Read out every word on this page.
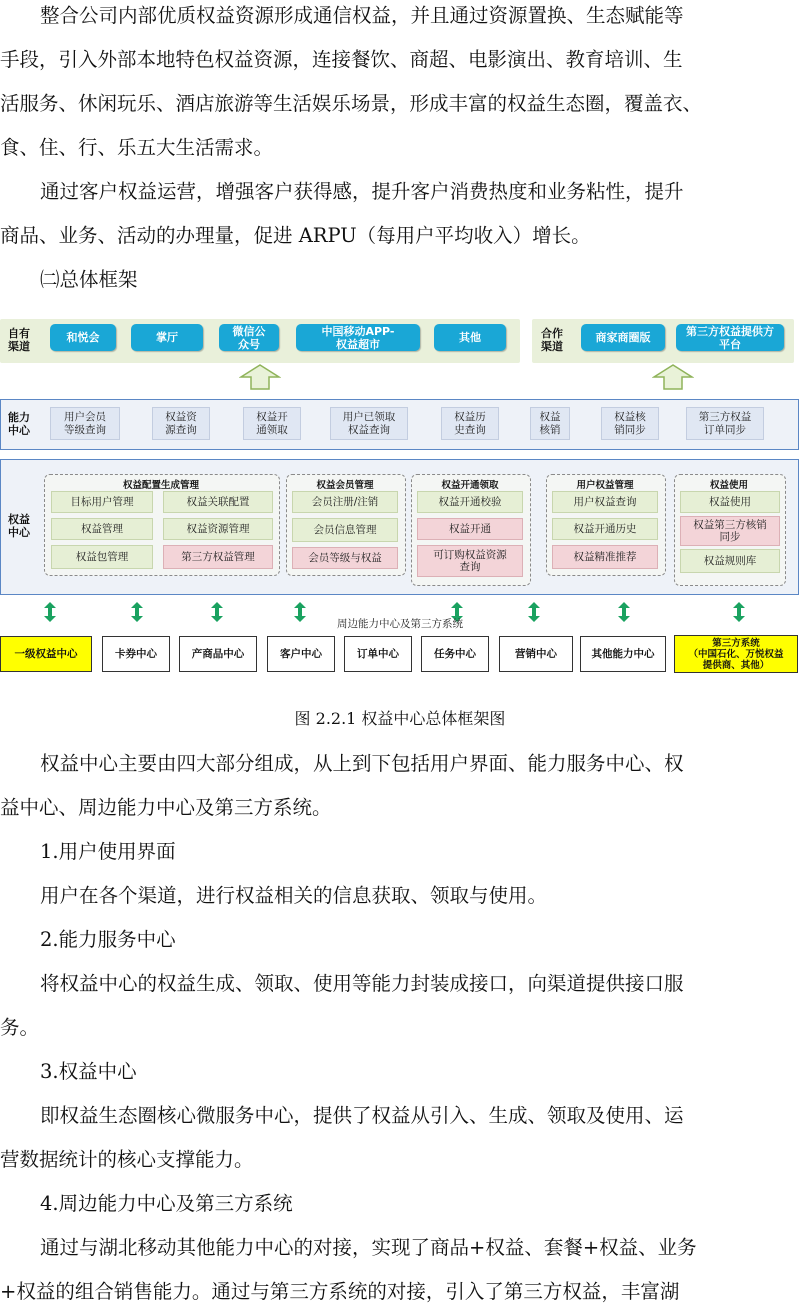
整合公司内部优质权益资源形成通信权益，并且通过资源置换、生态赋能等
手段，引入外部本地特色权益资源，连接餐饮、商超、电影演出、教育培训、生
活服务、休闲玩乐、酒店旅游等生活娱乐场景，形成丰富的权益生态圈，覆盖衣、
食、住、行、乐五大生活需求。
通过客户权益运营，增强客户获得感，提升客户消费热度和业务粘性，提升
商品、业务、活动的办理量，促进 ARPU（每用户平均收入）增长。
㈡总体框架
自有
渠道
和悦会	掌厅	微信公
众号
中国移动APP-
权益超市	其他	合作
渠道
商家商圈版	第三方权益提供方
平台
能力
中心
用户会员
等级查询
权益资
源查询
权益开
通领取
用户已领取
权益查询
权益历
史查询
权益
核销
权益核
销同步
第三方权益
订单同步
权益
中心
权益配置生成管理
目标用户管理	权益关联配置
权益管理	权益资源管理
权益包管理	第三方权益管理
权益会员管理
会员注册/注销
会员信息管理
会员等级与权益
权益开通领取
权益开通校验
权益开通
可订购权益资源
查询
用户权益管理
用户权益查询
权益开通历史
权益精准推荐
权益使用
权益使用
权益第三方核销
同步
权益规则库
周边能力中心及第三方系统
一级权益中心	卡券中心	产商品中心	客户中心	订单中心	任务中心	营销中心	其他能力中心
第三方系统
（中国石化、万悦权益
提供商、其他）
图 2.2.1 权益中心总体框架图
权益中心主要由四大部分组成，从上到下包括用户界面、能力服务中心、权
益中心、周边能力中心及第三方系统。
1.用户使用界面
用户在各个渠道，进行权益相关的信息获取、领取与使用。
2.能力服务中心
将权益中心的权益生成、领取、使用等能力封装成接口，向渠道提供接口服
务。
3.权益中心
即权益生态圈核心微服务中心，提供了权益从引入、生成、领取及使用、运
营数据统计的核心支撑能力。
4.周边能力中心及第三方系统
通过与湖北移动其他能力中心的对接，实现了商品+权益、套餐+权益、业务
+权益的组合销售能力。通过与第三方系统的对接，引入了第三方权益，丰富湖
